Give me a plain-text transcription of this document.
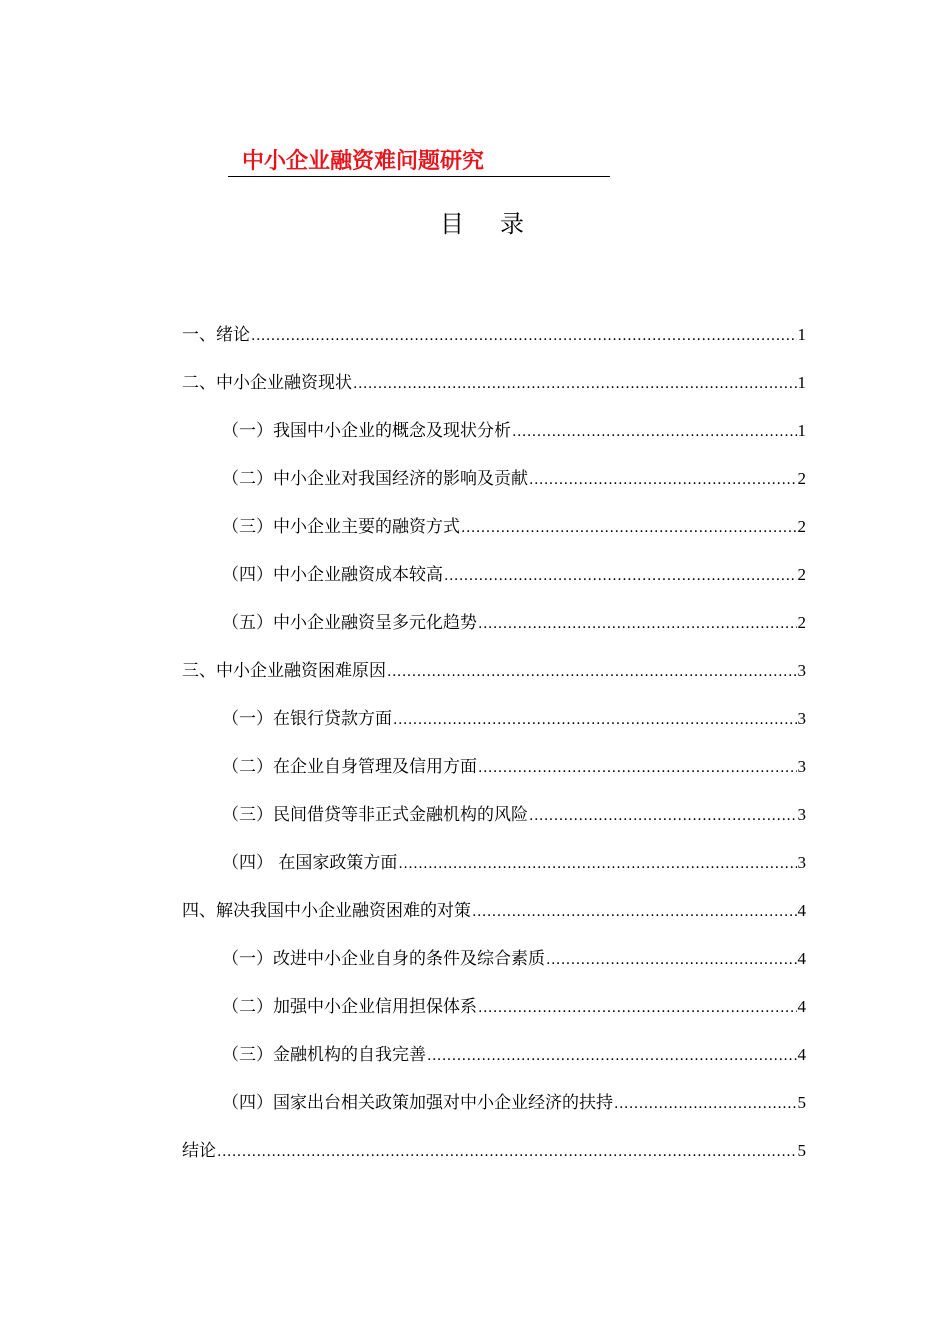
中小企业融资难问题研究
目录
一、绪论 .....	1
二、中小企业融资现状 .....	1
（一）我国中小企业的概念及现状分析 .....	1
（二）中小企业对我国经济的影响及贡献 .....	2
（三）中小企业主要的融资方式 .....	2
（四）中小企业融资成本较高 .....	2
（五）中小企业融资呈多元化趋势 .....	2
三、中小企业融资困难原因 .....	3
（一）在银行贷款方面 .....	3
（二）在企业自身管理及信用方面 .....	3
（三）民间借贷等非正式金融机构的风险 .....	3
（四） 在国家政策方面 .....	3
四、解决我国中小企业融资困难的对策 .....	4
（一）改进中小企业自身的条件及综合素质 .....	4
（二）加强中小企业信用担保体系 .....	4
（三）金融机构的自我完善 .....	4
（四）国家出台相关政策加强对中小企业经济的扶持 .....	5
结论 .....	5
